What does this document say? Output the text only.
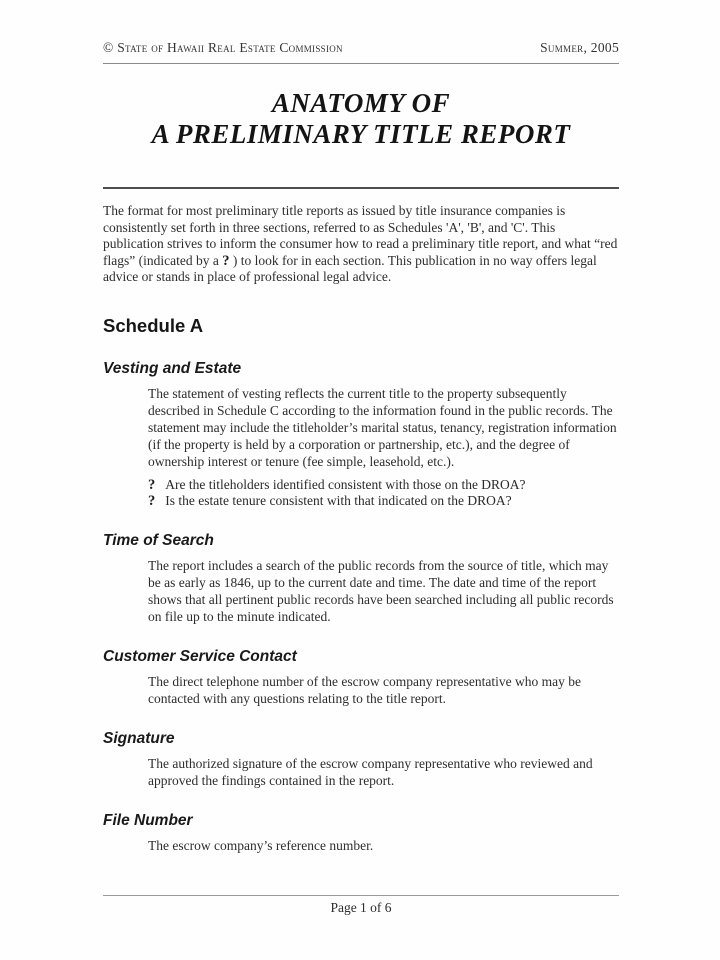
© State of Hawaii Real Estate Commission	Summer, 2005
ANATOMY OF
A PRELIMINARY TITLE REPORT

The format for most preliminary title reports as issued by title insurance companies is consistently set forth in three sections, referred to as Schedules 'A', 'B', and 'C'. This publication strives to inform the consumer how to read a preliminary title report, and what “red flags” (indicated by a ? ) to look for in each section. This publication in no way offers legal advice or stands in place of professional legal advice.

Schedule A
Vesting and Estate

The statement of vesting reflects the current title to the property subsequently described in Schedule C according to the information found in the public records. The statement may include the titleholder’s marital status, tenancy, registration information (if the property is held by a corporation or partnership, etc.), and the degree of ownership interest or tenure (fee simple, leasehold, etc.).

? Are the titleholders identified consistent with those on the DROA?
? Is the estate tenure consistent with that indicated on the DROA?
Time of Search

The report includes a search of the public records from the source of title, which may be as early as 1846, up to the current date and time. The date and time of the report shows that all pertinent public records have been searched including all public records on file up to the minute indicated.

Customer Service Contact

The direct telephone number of the escrow company representative who may be contacted with any questions relating to the title report.

Signature

The authorized signature of the escrow company representative who reviewed and approved the findings contained in the report.

File Number

The escrow company’s reference number.

Page 1 of 6
